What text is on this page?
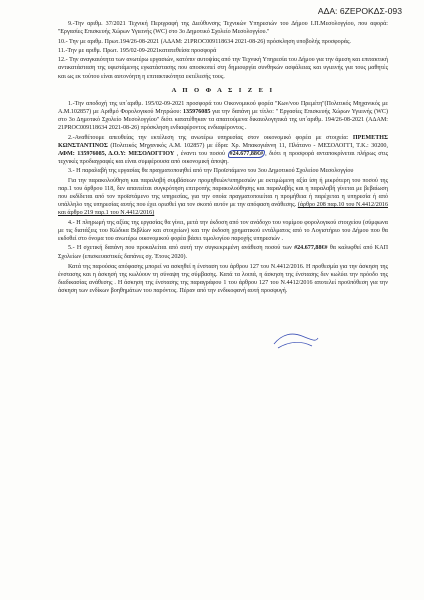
ΑΔΑ: 6ΖΕΡΟΚΔΣ-093

9.-Την αριθμ. 37/2021 Τεχνική Περιγραφή της Διεύθυνσης Τεχνικών Υπηρεσιών του Δήμου Ι.Π.Μεσολογγίου, που αφορά: ''Εργασίες Επισκευής Χώρων Υγιεινής (WC) στο 3ο Δημοτικό Σχολείο Μεσολογγίου.''

10.- Την με αριθμ. Πρωτ.194/26-08-2021 (ΑΔΑΜ: 21PROC009118634 2021-08-26) πρόσκληση υποβολής προσφοράς.

11.-Την με αριθμ. Πρωτ. 195/02-09-2021κατατεθείσα προσφορά

12.- Την αναγκαιότητα των ανωτέρω εργασιών, κατόπιν αυτοψίας από την Τεχνική Υπηρεσία του Δήμου για την άμεση και επιτακτική αντικατάσταση της υφιστάμενης εγκατάστασης που αποσκοπεί στη δημιουργία συνθηκών ασφάλειας και υγιεινής για τους μαθητές και ως εκ τούτου είναι αυτονόητη η επιτακτικότητα εκτέλεσής τους.

Α Π Ο Φ Α Σ Ι Ζ Ε Ι

1.-Την αποδοχή της υπ΄αριθμ. 195/02-09-2021 προσφορά του Οικονομικού φορέα ''Κων/νου Πρεμέτη''(Πολιτικός Μηχανικός με Α.Μ.102857) με Αριθμό Φορολογικού Μητρώου: 135976085 για την δαπάνη με τίτλο: '' Εργασίες Επισκευής Χώρων Υγιεινής (WC) στο 3ο Δημοτικό Σχολείο Μεσολογγίου'' διότι κατατέθηκαν τα απαιτούμενα δικαιολογητικά της υπ΄αριθμ. 194/26-08-2021 (ΑΔΑΜ: 21PROC009118634 2021-08-26) πρόσκληση ενδιαφέροντος ενδιαφέροντος .

2.-Αναθέτουμε απευθείας την εκτέλεση της ανωτέρω υπηρεσίας στον οικονομικό φορέα με στοιχεία: ΠΡΕΜΕΤΗΣ ΚΩΝΣΤΑΝΤΙΝΟΣ (Πολιτικός Μηχανικός Α.Μ. 102857) με έδρα: Χρ. Μπακογιάννη 11, Πλάτανο - ΜΕΣΟΛΟΓΓΙ, Τ.Κ.: 30200, ΑΦΜ: 135976085, Δ.Ο.Υ: ΜΕΣΟΛΟΓΓΙΟΥ , έναντι του ποσού #24.677,88€# , διότι η προσφορά ανταποκρίνεται πλήρως στις τεχνικές προδιαγραφές και είναι συμφέρουσα από οικονομική άποψη.

3.- Η παραλαβή της εργασίας θα πραγματοποιηθεί από την Προϊστάμενο του 3ου Δημοτικού Σχολείου Μεσολογγίου

Για την παρακολούθηση και παραλαβή συμβάσεων προμηθειών/υπηρεσιών με εκτιμώμενη αξία ίση ή μικρότερη του ποσού της παρ.1 του άρθρου 118, δεν απαιτείται συγκρότηση επιτροπής παρακολούθησης και παραλαβής και η παραλαβή γίνεται με βεβαίωση που εκδίδεται από τον προϊστάμενο της υπηρεσίας, για την οποία πραγματοποιείται η προμήθεια ή παρέχεται η υπηρεσία ή από υπάλληλο της υπηρεσίας αυτής που έχει ορισθεί για τον σκοπό αυτόν με την απόφαση ανάθεσης. (άρθρο 208 παρ.10 του Ν.4412/2016 και άρθρο 219 παρ.1 του Ν.4412/2016)

4.- Η πληρωμή της αξίας της εργασίας θα γίνει, μετά την έκδοση από τον ανάδοχο του νομίμου φορολογικού στοιχείου (σύμφωνα με τις διατάξεις του Κώδικα Βιβλίων και στοιχείων) και την έκδοση χρηματικού εντάλματος από το Λογιστήριο του Δήμου που θα εκδοθεί στο όνομα του ανωτέρω οικονομικού φορέα βάσει τιμολογίου παροχής υπηρεσιών .

5.- Η σχετική δαπάνη που προκαλείται από αυτή την συγκεκριμένη ανάθεση ποσού των #24.677,88€# θα καλυφθεί από ΚΑΠ Σχολείων (επισκευαστικές δαπάνες σχ. Έτους 2020).

Κατά της παρούσας απόφασης μπορεί να ασκηθεί η ένσταση του άρθρου 127 του Ν.4412/2016. Η προθεσμία για την άσκηση της ένστασης και η άσκησή της κωλύουν τη σύναψη της σύμβασης. Κατά τα λοιπά, η άσκηση της ένστασης δεν κωλύει την πρόοδο της διαδικασίας ανάθεσης . Η άσκηση της ένστασης της παραγράφου 1 του άρθρου 127 του Ν.4412/2016 αποτελεί προϋπόθεση για την άσκηση των ενδίκων βοηθημάτων του παρόντος. Πέραν από την ενδικοφανή αυτή προσφυγή.
